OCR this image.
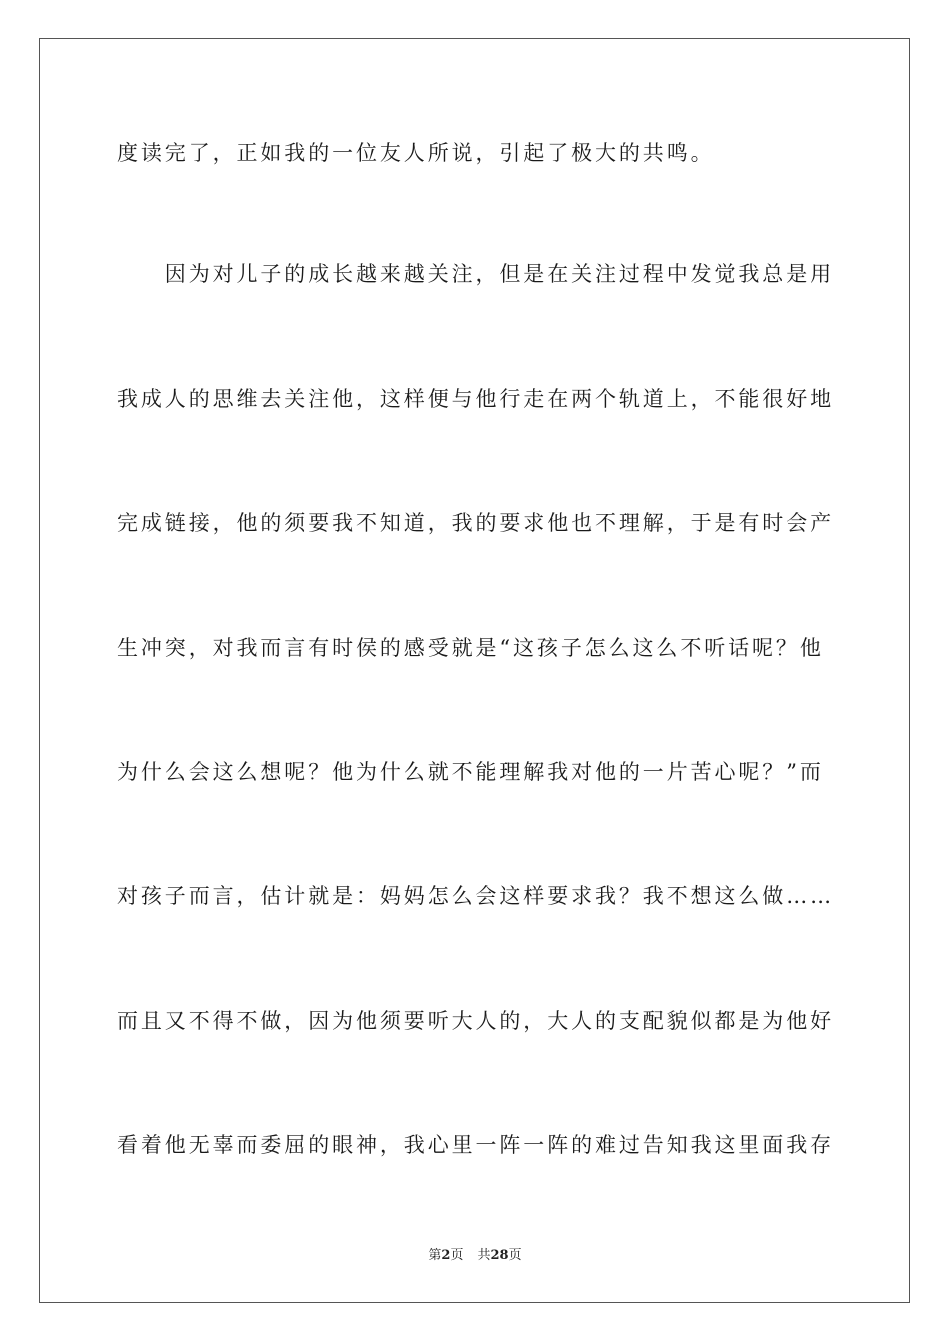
度读完了，正如我的一位友人所说，引起了极大的共鸣。
　　因为对儿子的成长越来越关注，但是在关注过程中发觉我总是用
我成人的思维去关注他，这样便与他行走在两个轨道上，不能很好地
完成链接，他的须要我不知道，我的要求他也不理解，于是有时会产
生冲突，对我而言有时侯的感受就是“这孩子怎么这么不听话呢？他
为什么会这么想呢？他为什么就不能理解我对他的一片苦心呢？”而
对孩子而言，估计就是：妈妈怎么会这样要求我？我不想这么做……
而且又不得不做，因为他须要听大人的，大人的支配貌似都是为他好
看着他无辜而委屈的眼神，我心里一阵一阵的难过告知我这里面我存
第2页 共28页
